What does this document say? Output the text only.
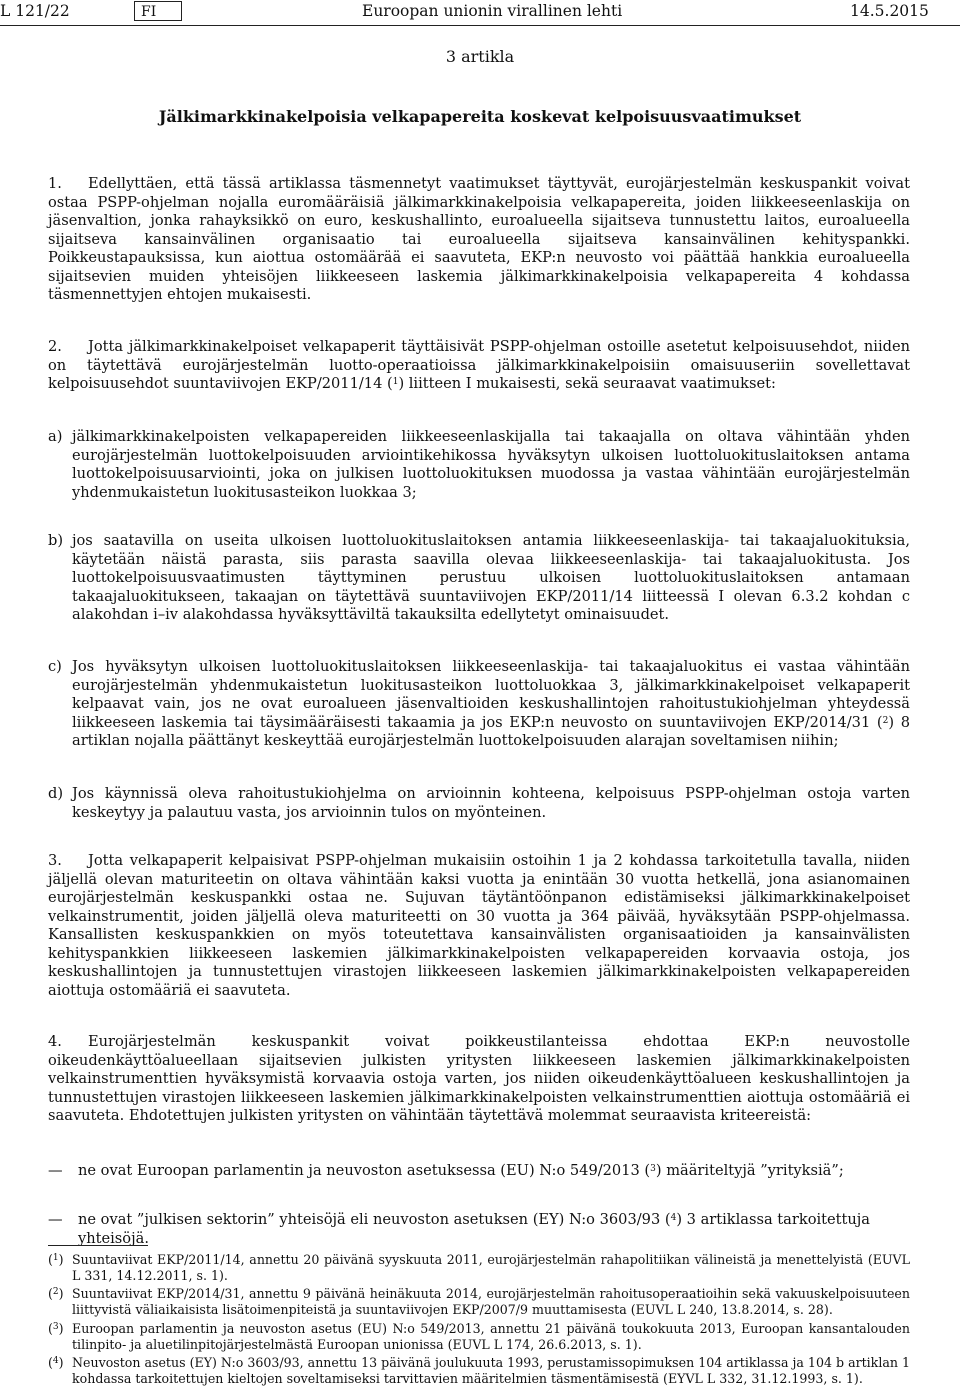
L 121/22	FI	Euroopan unionin virallinen lehti	14.5.2015
3 artikla
Jälkimarkkinakelpoisia velkapapereita koskevat kelpoisuusvaatimukset

1. Edellyttäen, että tässä artiklassa täsmennetyt vaatimukset täyttyvät, eurojärjestelmän keskuspankit voivat ostaa PSPP-ohjelman nojalla euromääräisiä jälkimarkkinakelpoisia velkapapereita, joiden liikkeeseenlaskija on jäsenvaltion, jonka rahayksikkö on euro, keskushallinto, euroalueella sijaitseva tunnustettu laitos, euroalueella sijaitseva kansainvälinen organisaatio tai euroalueella sijaitseva kansainvälinen kehityspankki. Poikkeustapauksissa, kun aiottua ostomäärää ei saavuteta, EKP:n neuvosto voi päättää hankkia euroalueella sijaitsevien muiden yhteisöjen liikkeeseen laskemia jälkimarkkinakelpoisia velkapapereita 4 kohdassa täsmennettyjen ehtojen mukaisesti.

2. Jotta jälkimarkkinakelpoiset velkapaperit täyttäisivät PSPP-ohjelman ostoille asetetut kelpoisuusehdot, niiden on täytettävä eurojärjestelmän luotto-operaatioissa jälkimarkkinakelpoisiin omaisuuseriin sovellettavat kelpoisuusehdot suuntaviivojen EKP/2011/14 ($^1$) liitteen I mukaisesti, sekä seuraavat vaatimukset:

a) jälkimarkkinakelpoisten velkapapereiden liikkeeseenlaskijalla tai takaajalla on oltava vähintään yhden eurojärjestelmän luottokelpoisuuden arviointikehikossa hyväksytyn ulkoisen luottoluokituslaitoksen antama luottokelpoisuusarviointi, joka on julkisen luottoluokituksen muodossa ja vastaa vähintään eurojärjestelmän yhdenmukaistetun luokitusasteikon luokkaa 3;

b) jos saatavilla on useita ulkoisen luottoluokituslaitoksen antamia liikkeeseenlaskija- tai takaajaluokituksia, käytetään näistä parasta, siis parasta saavilla olevaa liikkeeseenlaskija- tai takaajaluokitusta. Jos luottokelpoisuusvaatimusten täyttyminen perustuu ulkoisen luottoluokituslaitoksen antamaan takaajaluokitukseen, takaajan on täytettävä suuntaviivojen EKP/2011/14 liitteessä I olevan 6.3.2 kohdan c alakohdan i–iv alakohdassa hyväksyttäviltä takauksilta edellytetyt ominaisuudet.

c) Jos hyväksytyn ulkoisen luottoluokituslaitoksen liikkeeseenlaskija- tai takaajaluokitus ei vastaa vähintään eurojärjestelmän yhdenmukaistetun luokitusasteikon luottoluokkaa 3, jälkimarkkinakelpoiset velkapaperit kelpaavat vain, jos ne ovat euroalueen jäsenvaltioiden keskushallintojen rahoitustukiohjelman yhteydessä liikkeeseen laskemia tai täysimääräisesti takaamia ja jos EKP:n neuvosto on suuntaviivojen EKP/2014/31 ($^2$) 8 artiklan nojalla päättänyt keskeyttää eurojärjestelmän luottokelpoisuuden alarajan soveltamisen niihin;

d) Jos käynnissä oleva rahoitustukiohjelma on arvioinnin kohteena, kelpoisuus PSPP-ohjelman ostoja varten keskeytyy ja palautuu vasta, jos arvioinnin tulos on myönteinen.

3. Jotta velkapaperit kelpaisivat PSPP-ohjelman mukaisiin ostoihin 1 ja 2 kohdassa tarkoitetulla tavalla, niiden jäljellä olevan maturiteetin on oltava vähintään kaksi vuotta ja enintään 30 vuotta hetkellä, jona asianomainen eurojärjestelmän keskuspankki ostaa ne. Sujuvan täytäntöönpanon edistämiseksi jälkimarkkinakelpoiset velkainstrumentit, joiden jäljellä oleva maturiteetti on 30 vuotta ja 364 päivää, hyväksytään PSPP-ohjelmassa. Kansallisten keskuspankkien on myös toteutettava kansainvälisten organisaatioiden ja kansainvälisten kehityspankkien liikkeeseen laskemien jälkimarkkinakelpoisten velkapapereiden korvaavia ostoja, jos keskushallintojen ja tunnustettujen virastojen liikkeeseen laskemien jälkimarkkinakelpoisten velkapapereiden aiottuja ostomääriä ei saavuteta.

4. Eurojärjestelmän keskuspankit voivat poikkeustilanteissa ehdottaa EKP:n neuvostolle oikeudenkäyttöalueellaan sijaitsevien julkisten yritysten liikkeeseen laskemien jälkimarkkinakelpoisten velkainstrumenttien hyväksymistä korvaavia ostoja varten, jos niiden oikeudenkäyttöalueen keskushallintojen ja tunnustettujen virastojen liikkeeseen laskemien jälkimarkkinakelpoisten velkainstrumenttien aiottuja ostomääriä ei saavuteta. Ehdotettujen julkisten yritysten on vähintään täytettävä molemmat seuraavista kriteereistä:

— ne ovat Euroopan parlamentin ja neuvoston asetuksessa (EU) N:o 549/2013 ($^3$) määriteltyjä ”yrityksiä”;

— ne ovat ”julkisen sektorin” yhteisöjä eli neuvoston asetuksen (EY) N:o 3603/93 ($^4$) 3 artiklassa tarkoitettuja yhteisöjä.

($^1$) Suuntaviivat EKP/2011/14, annettu 20 päivänä syyskuuta 2011, eurojärjestelmän rahapolitiikan välineistä ja menettelyistä (EUVL L 331, 14.12.2011, s. 1).

($^2$) Suuntaviivat EKP/2014/31, annettu 9 päivänä heinäkuuta 2014, eurojärjestelmän rahoitusoperaatioihin sekä vakuuskelpoisuuteen liittyvistä väliaikaisista lisätoimenpiteistä ja suuntaviivojen EKP/2007/9 muuttamisesta (EUVL L 240, 13.8.2014, s. 28).

($^3$) Euroopan parlamentin ja neuvoston asetus (EU) N:o 549/2013, annettu 21 päivänä toukokuuta 2013, Euroopan kansantalouden tilinpito- ja aluetilinpitojärjestelmästä Euroopan unionissa (EUVL L 174, 26.6.2013, s. 1).

($^4$) Neuvoston asetus (EY) N:o 3603/93, annettu 13 päivänä joulukuuta 1993, perustamissopimuksen 104 artiklassa ja 104 b artiklan 1 kohdassa tarkoitettujen kieltojen soveltamiseksi tarvittavien määritelmien täsmentämisestä (EYVL L 332, 31.12.1993, s. 1).
